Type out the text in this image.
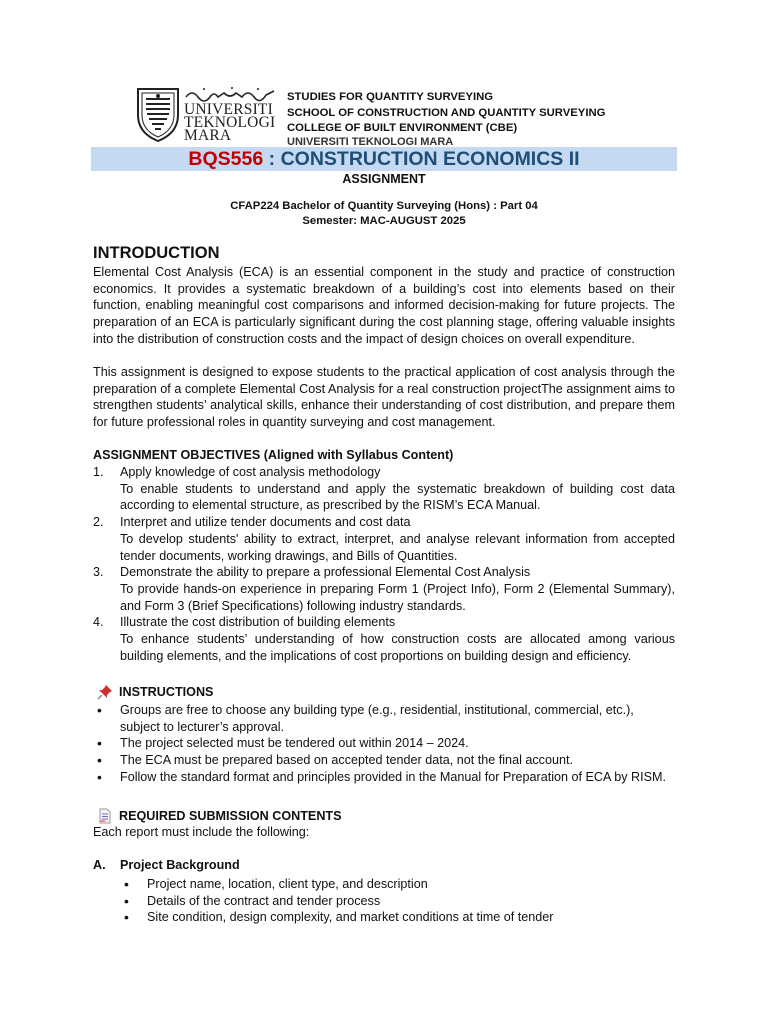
UNIVERSITI
TEKNOLOGI
MARA
STUDIES FOR QUANTITY SURVEYING
SCHOOL OF CONSTRUCTION AND QUANTITY SURVEYING
COLLEGE OF BUILT ENVIRONMENT (CBE)
UNIVERSITI TEKNOLOGI MARA
BQS556 : CONSTRUCTION ECONOMICS II
ASSIGNMENT
CFAP224 Bachelor of Quantity Surveying (Hons) : Part 04
Semester: MAC-AUGUST 2025
INTRODUCTION

Elemental Cost Analysis (ECA) is an essential component in the study and practice of construction economics. It provides a systematic breakdown of a building’s cost into elements based on their function, enabling meaningful cost comparisons and informed decision-making for future projects. The preparation of an ECA is particularly significant during the cost planning stage, offering valuable insights into the distribution of construction costs and the impact of design choices on overall expenditure.

This assignment is designed to expose students to the practical application of cost analysis through the preparation of a complete Elemental Cost Analysis for a real construction projectThe assignment aims to strengthen students’ analytical skills, enhance their understanding of cost distribution, and prepare them for future professional roles in quantity surveying and cost management.

ASSIGNMENT OBJECTIVES (Aligned with Syllabus Content)
1.	Apply knowledge of cost analysis methodology
To enable students to understand and apply the systematic breakdown of building cost data according to elemental structure, as prescribed by the RISM’s ECA Manual.
2.	Interpret and utilize tender documents and cost data
To develop students' ability to extract, interpret, and analyse relevant information from accepted tender documents, working drawings, and Bills of Quantities.
3.	Demonstrate the ability to prepare a professional Elemental Cost Analysis
To provide hands-on experience in preparing Form 1 (Project Info), Form 2 (Elemental Summary), and Form 3 (Brief Specifications) following industry standards.
4.	Illustrate the cost distribution of building elements
To enhance students’ understanding of how construction costs are allocated among various building elements, and the implications of cost proportions on building design and efficiency.
INSTRUCTIONS
• Groups are free to choose any building type (e.g., residential, institutional, commercial, etc.), subject to lecturer’s approval.
• The project selected must be tendered out within 2014 – 2024.
• The ECA must be prepared based on accepted tender data, not the final account.
• Follow the standard format and principles provided in the Manual for Preparation of ECA by RISM.
REQUIRED SUBMISSION CONTENTS
Each report must include the following:
A. Project Background
• Project name, location, client type, and description
• Details of the contract and tender process
• Site condition, design complexity, and market conditions at time of tender
